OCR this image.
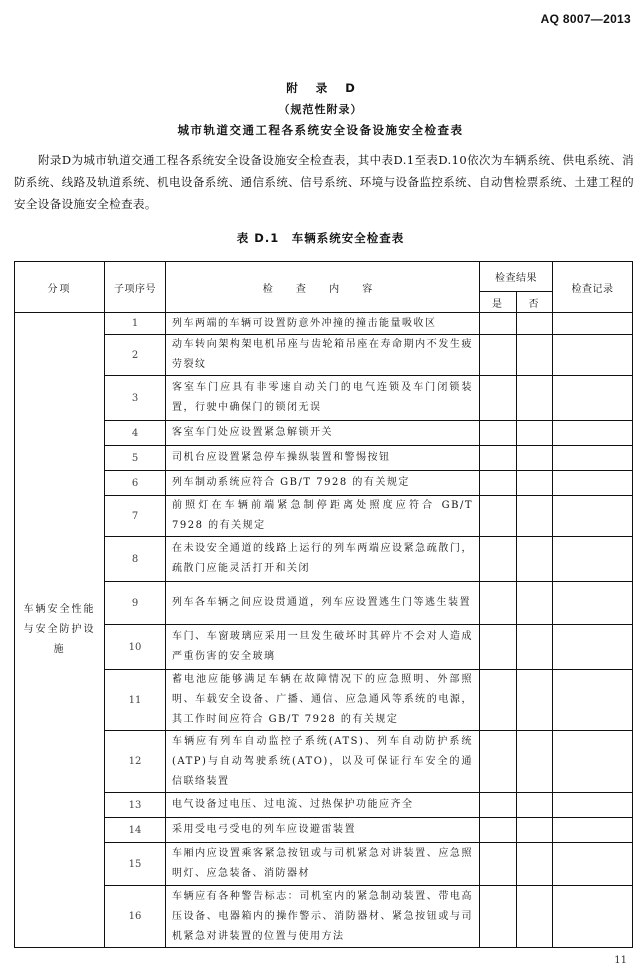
AQ 8007—2013
附 录 D
（规范性附录）
城市轨道交通工程各系统安全设备设施安全检查表
附录D为城市轨道交通工程各系统安全设备设施安全检查表，其中表D.1至表D.10依次为车辆系统、供电系统、消防系统、线路及轨道系统、机电设备系统、通信系统、信号系统、环境与设备监控系统、自动售检票系统、土建工程的安全设备设施安全检查表。
表 D.1　车辆系统安全检查表
分项	子项序号	检 查 内 容	检查结果		检查记录
			是	否	
车辆安全性能与安全防护设施	1	列车两端的车辆可设置防意外冲撞的撞击能量吸收区			
	2	动车转向架构架电机吊座与齿轮箱吊座在寿命期内不发生疲劳裂纹			
	3	客室车门应具有非零速自动关门的电气连锁及车门闭锁装置，行驶中确保门的锁闭无误			
	4	客室车门处应设置紧急解锁开关			
	5	司机台应设置紧急停车操纵装置和警惕按钮			
	6	列车制动系统应符合 GB/T 7928 的有关规定			
	7	前照灯在车辆前端紧急制停距离处照度应符合 GB/T 7928 的有关规定			
	8	在未设安全通道的线路上运行的列车两端应设紧急疏散门，疏散门应能灵活打开和关闭			
	9	列车各车辆之间应设贯通道，列车应设置逃生门等逃生装置			
	10	车门、车窗玻璃应采用一旦发生破坏时其碎片不会对人造成严重伤害的安全玻璃			
	11	蓄电池应能够满足车辆在故障情况下的应急照明、外部照明、车载安全设备、广播、通信、应急通风等系统的电源，其工作时间应符合 GB/T 7928 的有关规定			
	12	车辆应有列车自动监控子系统(ATS)、列车自动防护系统(ATP)与自动驾驶系统(ATO)，以及可保证行车安全的通信联络装置			
	13	电气设备过电压、过电流、过热保护功能应齐全			
	14	采用受电弓受电的列车应设避雷装置			
	15	车厢内应设置乘客紧急按钮或与司机紧急对讲装置、应急照明灯、应急装备、消防器材			
	16	车辆应有各种警告标志：司机室内的紧急制动装置、带电高压设备、电器箱内的操作警示、消防器材、紧急按钮或与司机紧急对讲装置的位置与使用方法			
11
